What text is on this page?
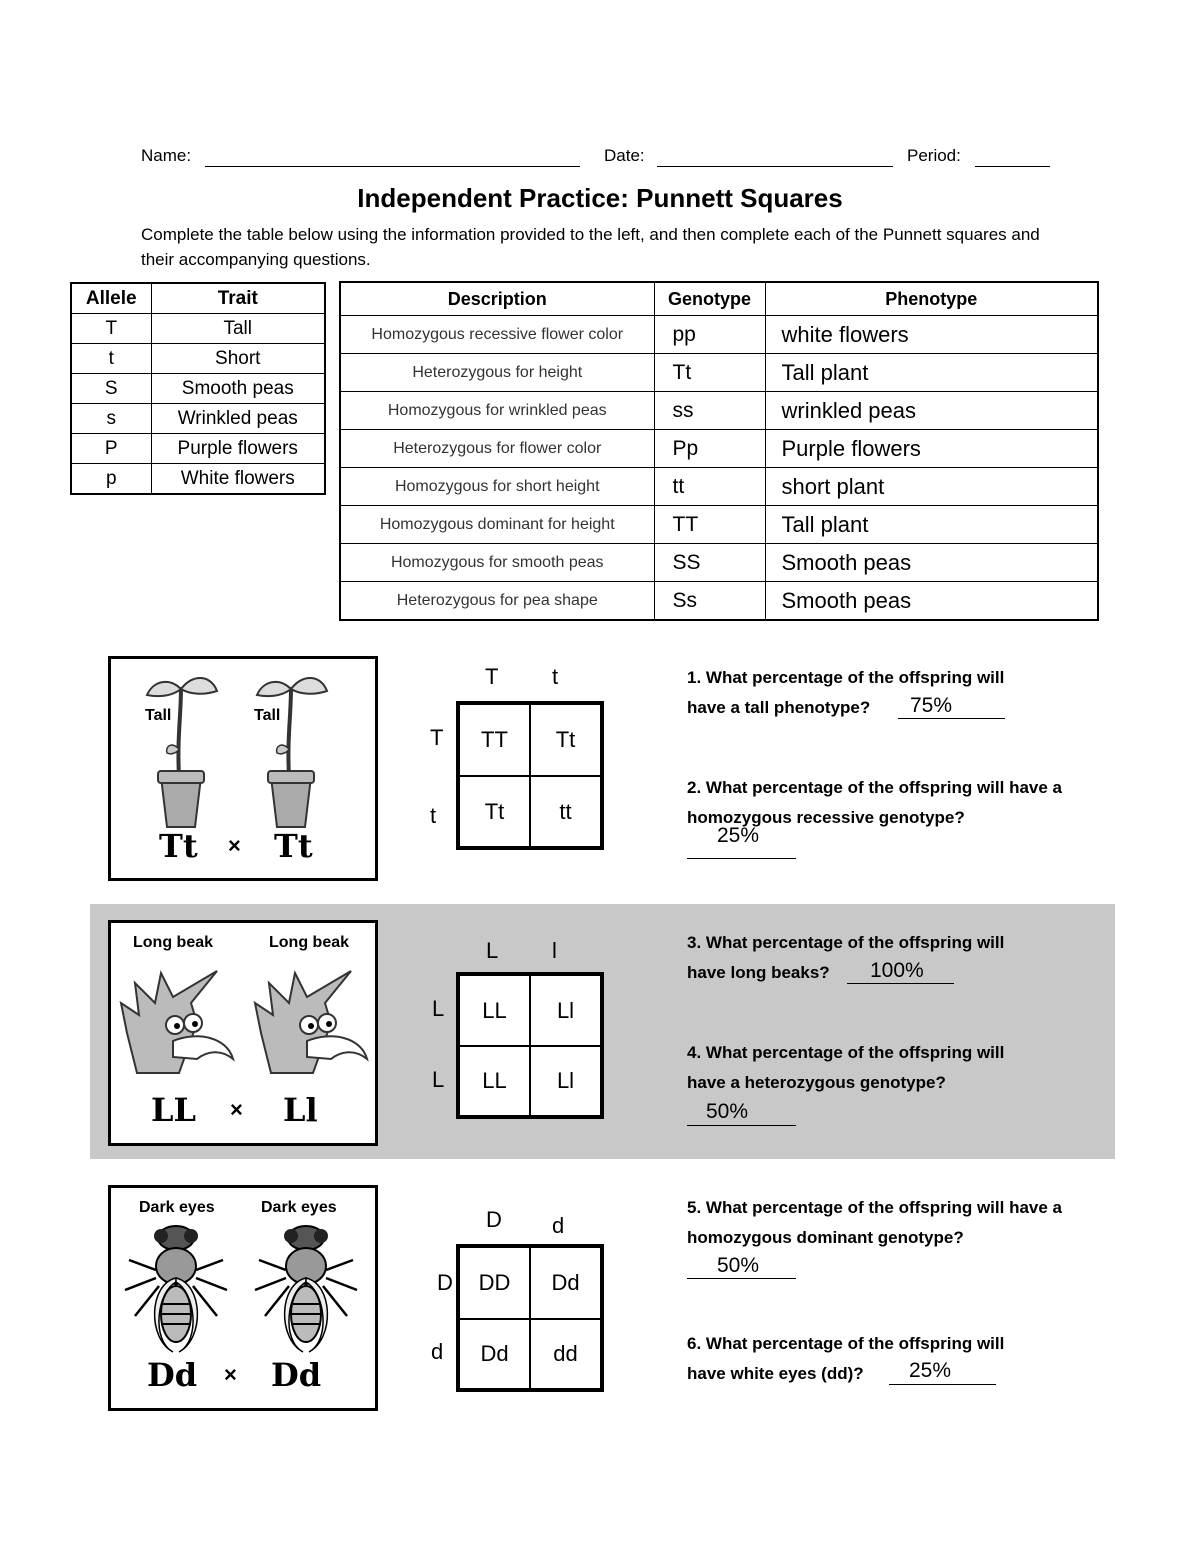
Name:	Date:	Period:
Independent Practice: Punnett Squares
Complete the table below using the information provided to the left, and then complete each of the Punnett squares and their accompanying questions.
Allele	Trait
T	Tall
t	Short
S	Smooth peas
s	Wrinkled peas
P	Purple flowers
p	White flowers
Description	Genotype	Phenotype
Homozygous recessive flower color	pp	white flowers
Heterozygous for height	Tt	Tall plant
Homozygous for wrinkled peas	ss	wrinkled peas
Heterozygous for flower color	Pp	Purple flowers
Homozygous for short height	tt	short plant
Homozygous dominant for height	TT	Tall plant
Homozygous for smooth peas	SS	Smooth peas
Heterozygous for pea shape	Ss	Smooth peas
Tall	Tall
Tt × Tt
T t
T
t
TT	Tt
Tt	tt
1. What percentage of the offspring will have a tall phenotype?	75%
2. What percentage of the offspring will have a homozygous recessive genotype?
25%
Long beak	Long beak
LL × Ll
L l
L
L
LL	Ll
LL	Ll
3. What percentage of the offspring will have long beaks?	100%
4. What percentage of the offspring will have a heterozygous genotype?
50%
Dark eyes	Dark eyes
Dd × Dd
D d
D
d
DD	Dd
Dd	dd
5. What percentage of the offspring will have a homozygous dominant genotype?
50%
6. What percentage of the offspring will have white eyes (dd)?	25%
